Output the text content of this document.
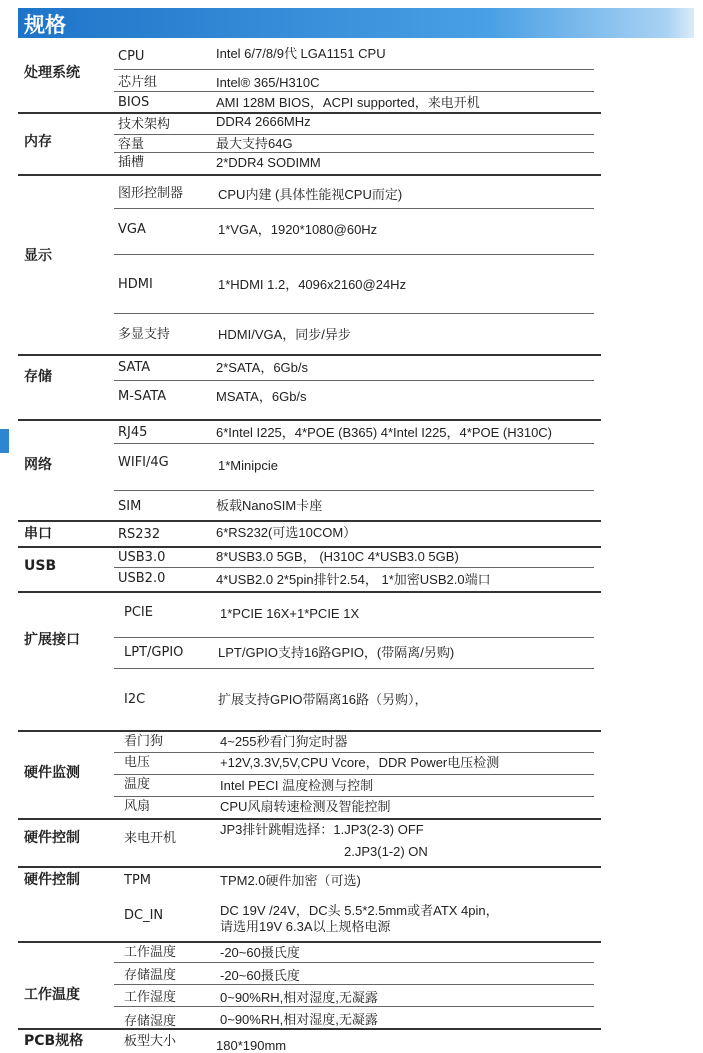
规格
处理系统
内存
显示
存储
网络
串口
USB
扩展接口
硬件监测
硬件控制
硬件控制
工作温度
PCB规格
CPU
芯片组
BIOS
技术架构
容量
插槽
图形控制器
VGA
HDMI
多显支持
SATA
M-SATA
RJ45
WIFI/4G
SIM
RS232
USB3.0
USB2.0
PCIE
LPT/GPIO
I2C
看门狗
电压
温度
风扇
来电开机
TPM
DC_IN
工作温度
存储温度
工作湿度
存储湿度
板型大小
Intel 6/7/8/9代 LGA1151 CPU
Intel® 365/H310C
AMI 128M BIOS，ACPI supported，来电开机
DDR4 2666MHz
最大支持64G
2*DDR4 SODIMM
CPU内建 (具体性能视CPU而定)
1*VGA，1920*1080@60Hz
1*HDMI 1.2，4096x2160@24Hz
HDMI/VGA，同步/异步
2*SATA，6Gb/s
MSATA，6Gb/s
6*Intel I225，4*POE (B365) 4*Intel I225，4*POE (H310C)
1*Minipcie
板载NanoSIM卡座
6*RS232(可选10COM）
8*USB3.0 5GB， (H310C 4*USB3.0 5GB)
4*USB2.0 2*5pin排针2.54， 1*加密USB2.0端口
1*PCIE 16X+1*PCIE 1X
LPT/GPIO支持16路GPIO，(带隔离/另购)
扩展支持GPIO带隔离16路（另购），
4~255秒看门狗定时器
+12V,3.3V,5V,CPU Vcore，DDR Power电压检测
Intel PECI 温度检测与控制
CPU风扇转速检测及智能控制
JP3排针跳帽选择：1.JP3(2-3) OFF
2.JP3(1-2) ON
TPM2.0硬件加密（可选)
DC 19V /24V，DC头 5.5*2.5mm或者ATX 4pin，
请选用19V 6.3A以上规格电源
-20~60摄氏度
-20~60摄氏度
0~90%RH,相对湿度,无凝露
0~90%RH,相对湿度,无凝露
180*190mm
